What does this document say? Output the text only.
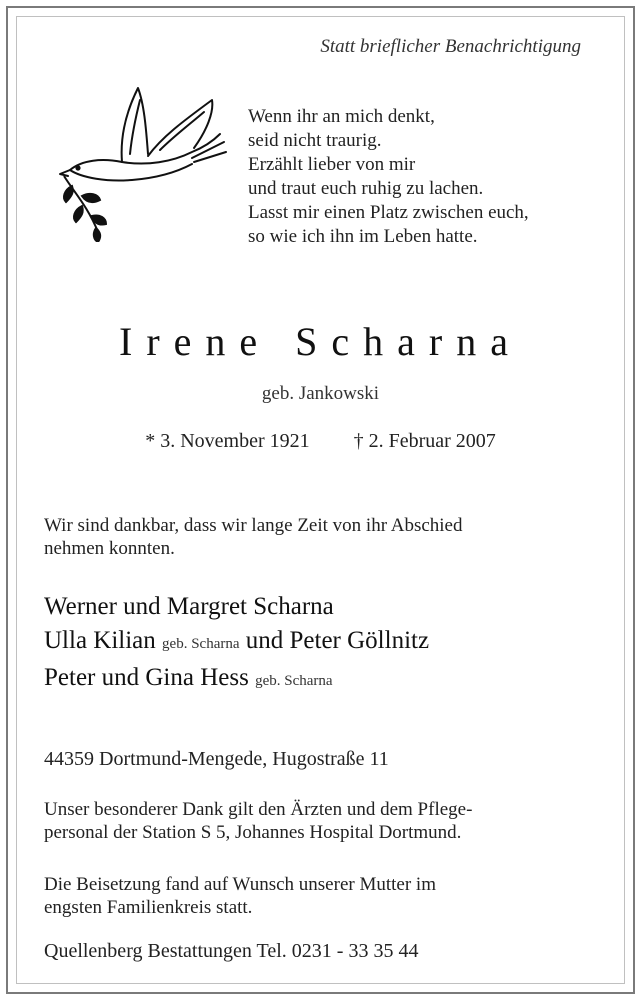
Statt brieflicher Benachrichtigung
Wenn ihr an mich denkt,
seid nicht traurig.
Erzählt lieber von mir
und traut euch ruhig zu lachen.
Lasst mir einen Platz zwischen euch,
so wie ich ihn im Leben hatte.
Irene Scharna
geb. Jankowski
* 3. November 1921 † 2. Februar 2007
Wir sind dankbar, dass wir lange Zeit von ihr Abschied
nehmen konnten.
Werner und Margret Scharna
Ulla Kilian geb. Scharna und Peter Göllnitz
Peter und Gina Hess geb. Scharna
44359 Dortmund-Mengede, Hugostraße 11
Unser besonderer Dank gilt den Ärzten und dem Pflege-
personal der Station S 5, Johannes Hospital Dortmund.
Die Beisetzung fand auf Wunsch unserer Mutter im
engsten Familienkreis statt.
Quellenberg Bestattungen Tel. 0231 - 33 35 44
